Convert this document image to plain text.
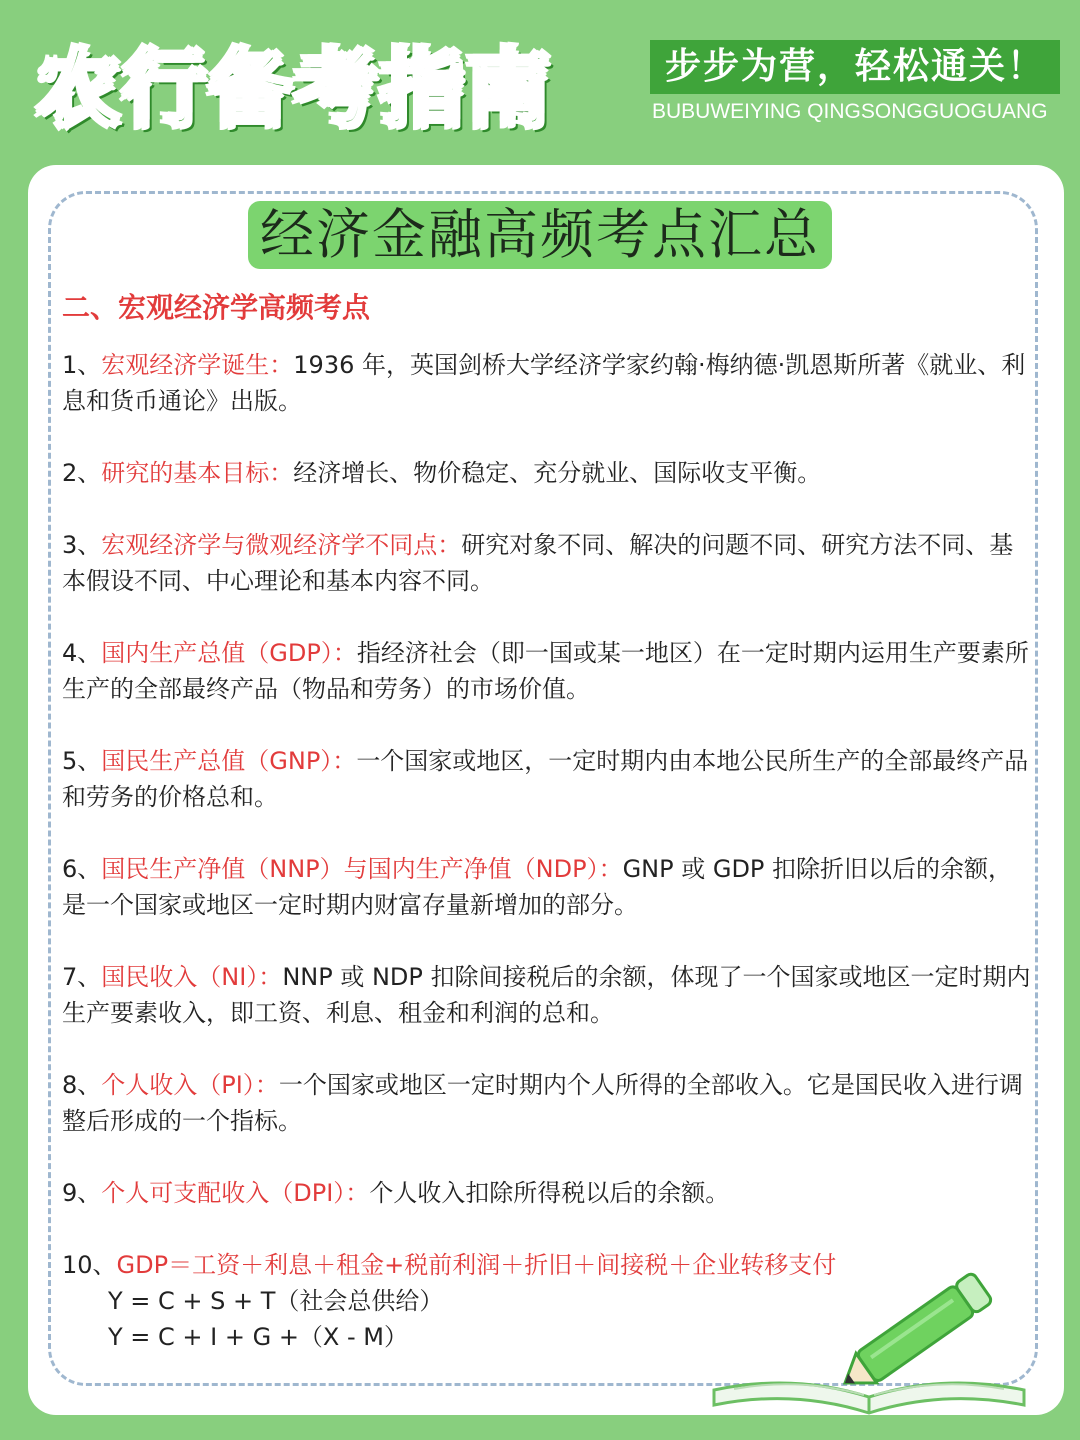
农行备考指南	步步为营，轻松通关！
BUBUWEIYING QINGSONGGUOGUANG
经济金融高频考点汇总
二、宏观经济学高频考点
1、宏观经济学诞生：1936 年，英国剑桥大学经济学家约翰·梅纳德·凯恩斯所著《就业、利息和货币通论》出版。
2、研究的基本目标：经济增长、物价稳定、充分就业、国际收支平衡。
3、宏观经济学与微观经济学不同点：研究对象不同、解决的问题不同、研究方法不同、基本假设不同、中心理论和基本内容不同。
4、国内生产总值（GDP）：指经济社会（即一国或某一地区）在一定时期内运用生产要素所生产的全部最终产品（物品和劳务）的市场价值。
5、国民生产总值（GNP）：一个国家或地区，一定时期内由本地公民所生产的全部最终产品和劳务的价格总和。
6、国民生产净值（NNP）与国内生产净值（NDP）：GNP 或 GDP 扣除折旧以后的余额，是一个国家或地区一定时期内财富存量新增加的部分。
7、国民收入（NI）：NNP 或 NDP 扣除间接税后的余额，体现了一个国家或地区一定时期内
生产要素收入，即工资、利息、租金和利润的总和。
8、个人收入（PI）：一个国家或地区一定时期内个人所得的全部收入。它是国民收入进行调整后形成的一个指标。
9、个人可支配收入（DPI）：个人收入扣除所得税以后的余额。
10、GDP＝工资＋利息＋租金+税前利润＋折旧＋间接税＋企业转移支付
Y = C + S + T（社会总供给）
Y = C + I + G +（X - M）
